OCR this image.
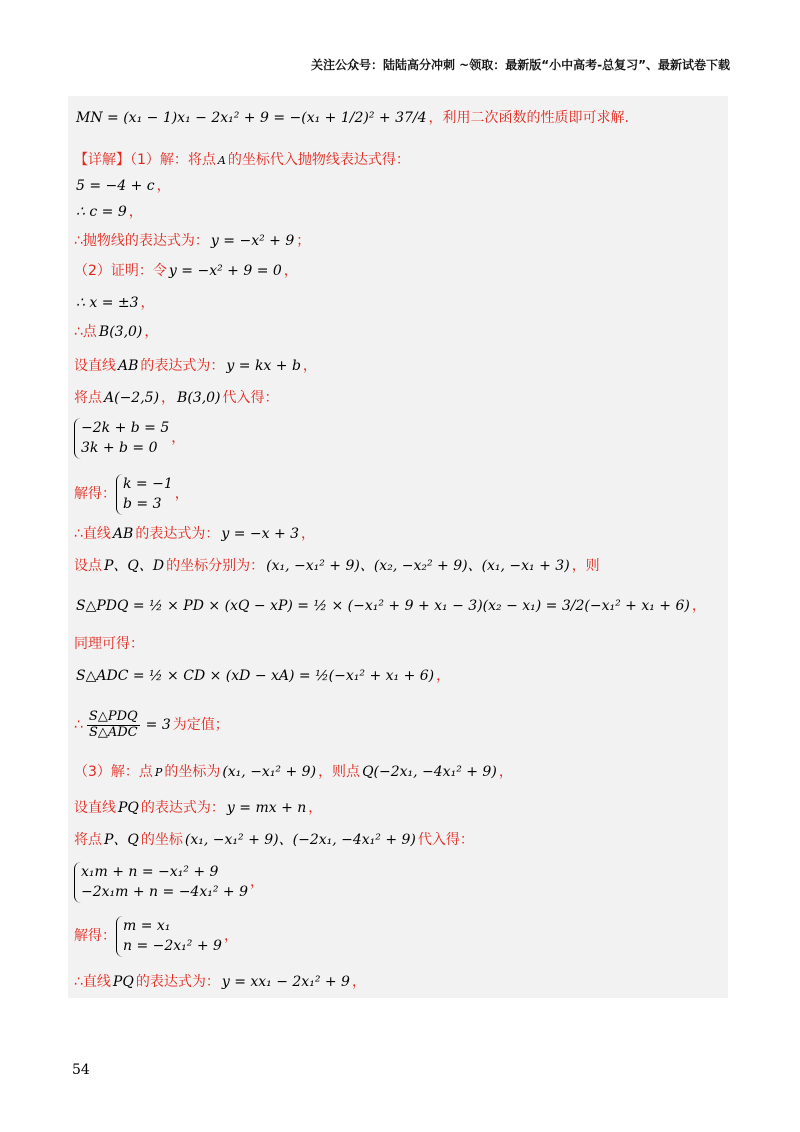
关注公众号：陆陆高分冲刺 ~领取：最新版“小中高考-总复习”、最新试卷下载
MN = (x₁ − 1)x₁ − 2x₁² + 9 = −(x₁ + 1/2)² + 37/4 ，利用二次函数的性质即可求解.
【详解】（1）解：将点 A 的坐标代入抛物线表达式得：
5 = −4 + c ，
∴ c = 9 ，
∴抛物线的表达式为： y = −x² + 9 ；
（2）证明：令 y = −x² + 9 = 0 ，
∴ x = ±3 ，
∴点 B(3,0) ，
设直线 AB 的表达式为： y = kx + b ，
将点 A(−2,5) ， B(3,0) 代入得：
−2k + b = 5
3k + b = 0
，
解得：
k = −1
b = 3
，
∴直线 AB 的表达式为： y = −x + 3 ，
设点 P、Q、D 的坐标分别为： (x₁, −x₁² + 9)、(x₂, −x₂² + 9)、(x₁, −x₁ + 3) ，则
S△PDQ = ½ × PD × (xQ − xP) = ½ × (−x₁² + 9 + x₁ − 3)(x₂ − x₁) = 3/2(−x₁² + x₁ + 6) ，
同理可得：
S△ADC = ½ × CD × (xD − xA) = ½(−x₁² + x₁ + 6) ，
∴ $\frac{\text{S△PDQ}}{\text{S△ADC}} = 3$ 为定值；
（3）解：点 P 的坐标为 (x₁, −x₁² + 9) ，则点 Q(−2x₁, −4x₁² + 9) ，
设直线 PQ 的表达式为： y = mx + n ，
将点 P、Q 的坐标 (x₁, −x₁² + 9)、(−2x₁, −4x₁² + 9) 代入得：
x₁m + n = −x₁² + 9
−2x₁m + n = −4x₁² + 9
，
解得：
m = x₁
n = −2x₁² + 9
，
∴直线 PQ 的表达式为： y = xx₁ − 2x₁² + 9 ，
54
